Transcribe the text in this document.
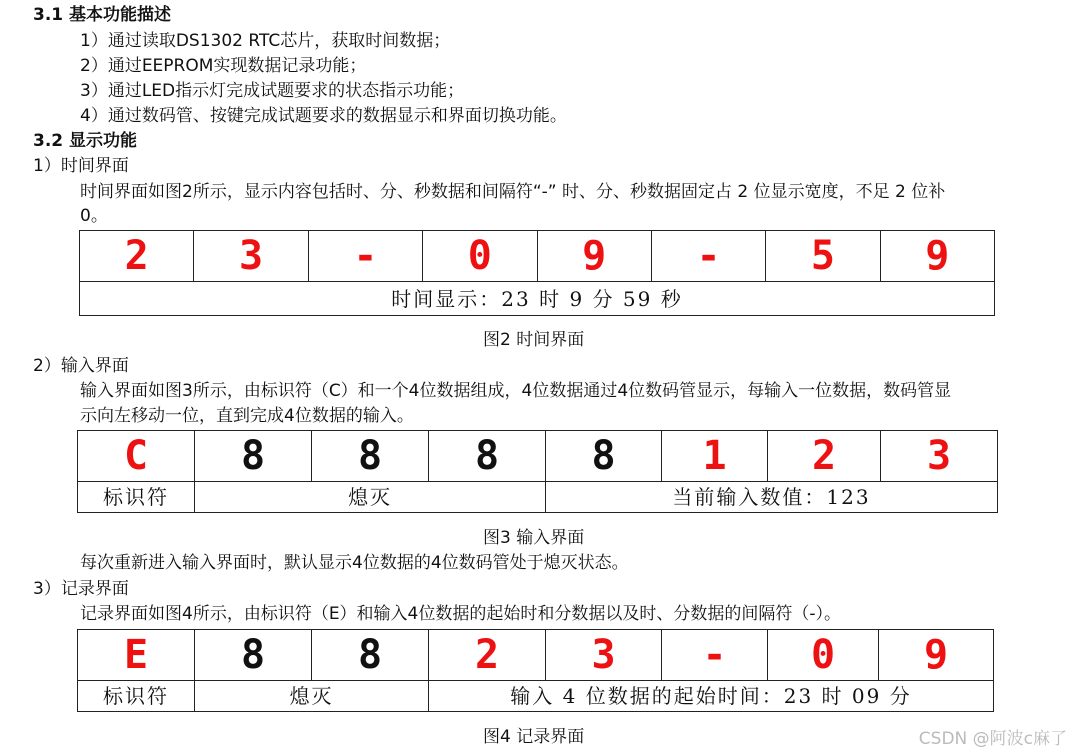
3.1 基本功能描述
1）通过读取DS1302 RTC芯片，获取时间数据；
2）通过EEPROM实现数据记录功能；
3）通过LED指示灯完成试题要求的状态指示功能；
4）通过数码管、按键完成试题要求的数据显示和界面切换功能。
3.2 显示功能
1）时间界面
时间界面如图2所示，显示内容包括时、分、秒数据和间隔符“-” 时、分、秒数据固定占 2 位显示宽度，不足 2 位补
0。
2	3	-	0	9	-	5	9
时间显示：23 时 9 分 59 秒
图2 时间界面
2）输入界面
输入界面如图3所示，由标识符（C）和一个4位数据组成，4位数据通过4位数码管显示，每输入一位数据，数码管显
示向左移动一位，直到完成4位数据的输入。
C	8	8	8	8	1	2	3
标识符	熄灭			当前输入数值：123			
图3 输入界面
每次重新进入输入界面时，默认显示4位数据的4位数码管处于熄灭状态。
3）记录界面
记录界面如图4所示，由标识符（E）和输入4位数据的起始时和分数据以及时、分数据的间隔符（-）。
E	8	8	2	3	-	0	9
标识符	熄灭		输入 4 位数据的起始时间：23 时 09 分				
图4 记录界面	CSDN @阿波c麻了
